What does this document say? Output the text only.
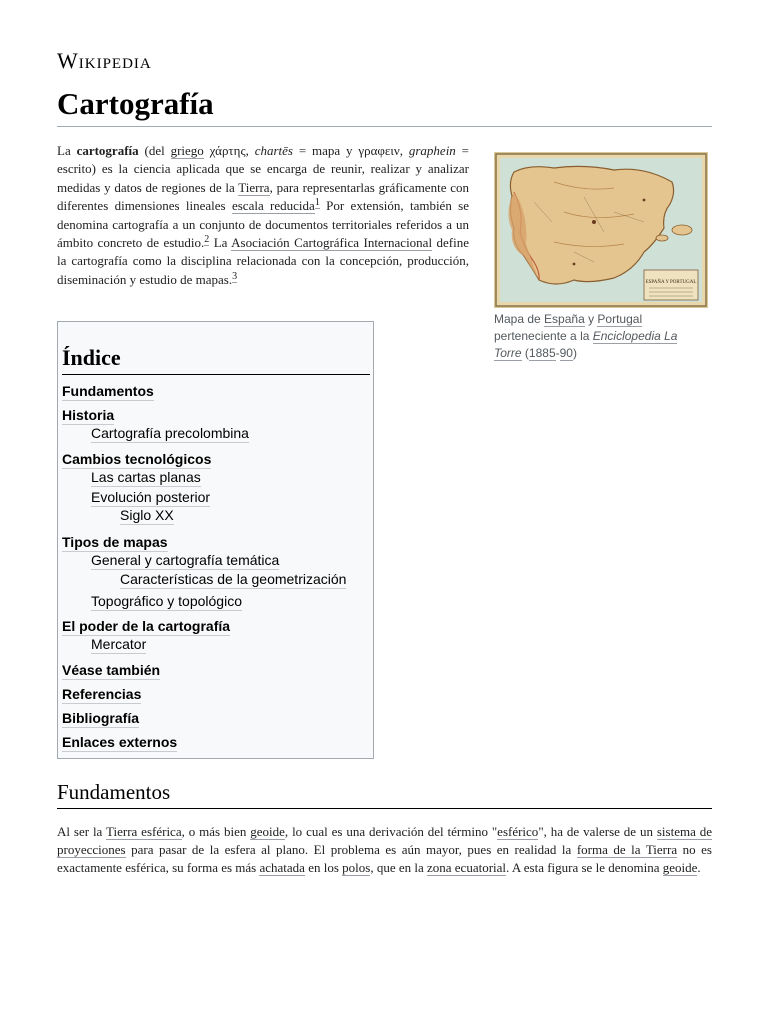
Wikipedia
Cartografía

La cartografía (del griego χάρτης, chartēs = mapa y γραφειν, graphein = escrito) es la ciencia aplicada que se encarga de reunir, realizar y analizar medidas y datos de regiones de la Tierra, para representarlas gráficamente con diferentes dimensiones lineales escala reducida$^1$ Por extensión, también se denomina cartografía a un conjunto de documentos territoriales referidos a un ámbito concreto de estudio.$^2$ La Asociación Cartográfica Internacional define la cartografía como la disciplina relacionada con la concepción, producción, diseminación y estudio de mapas.$^3$

ESPAÑA Y PORTUGAL
Mapa de España y Portugal perteneciente a la Enciclopedia La Torre (1885-90)
Índice
Fundamentos
Historia
Cartografía precolombina
Cambios tecnológicos
Las cartas planas
Evolución posterior
Siglo XX
Tipos de mapas
General y cartografía temática
Características de la geometrización
Topográfico y topológico
El poder de la cartografía
Mercator
Véase también
Referencias
Bibliografía
Enlaces externos
Fundamentos

Al ser la Tierra esférica, o más bien geoide, lo cual es una derivación del término "esférico", ha de valerse de un sistema de proyecciones para pasar de la esfera al plano. El problema es aún mayor, pues en realidad la forma de la Tierra no es exactamente esférica, su forma es más achatada en los polos, que en la zona ecuatorial. A esta figura se le denomina geoide.
